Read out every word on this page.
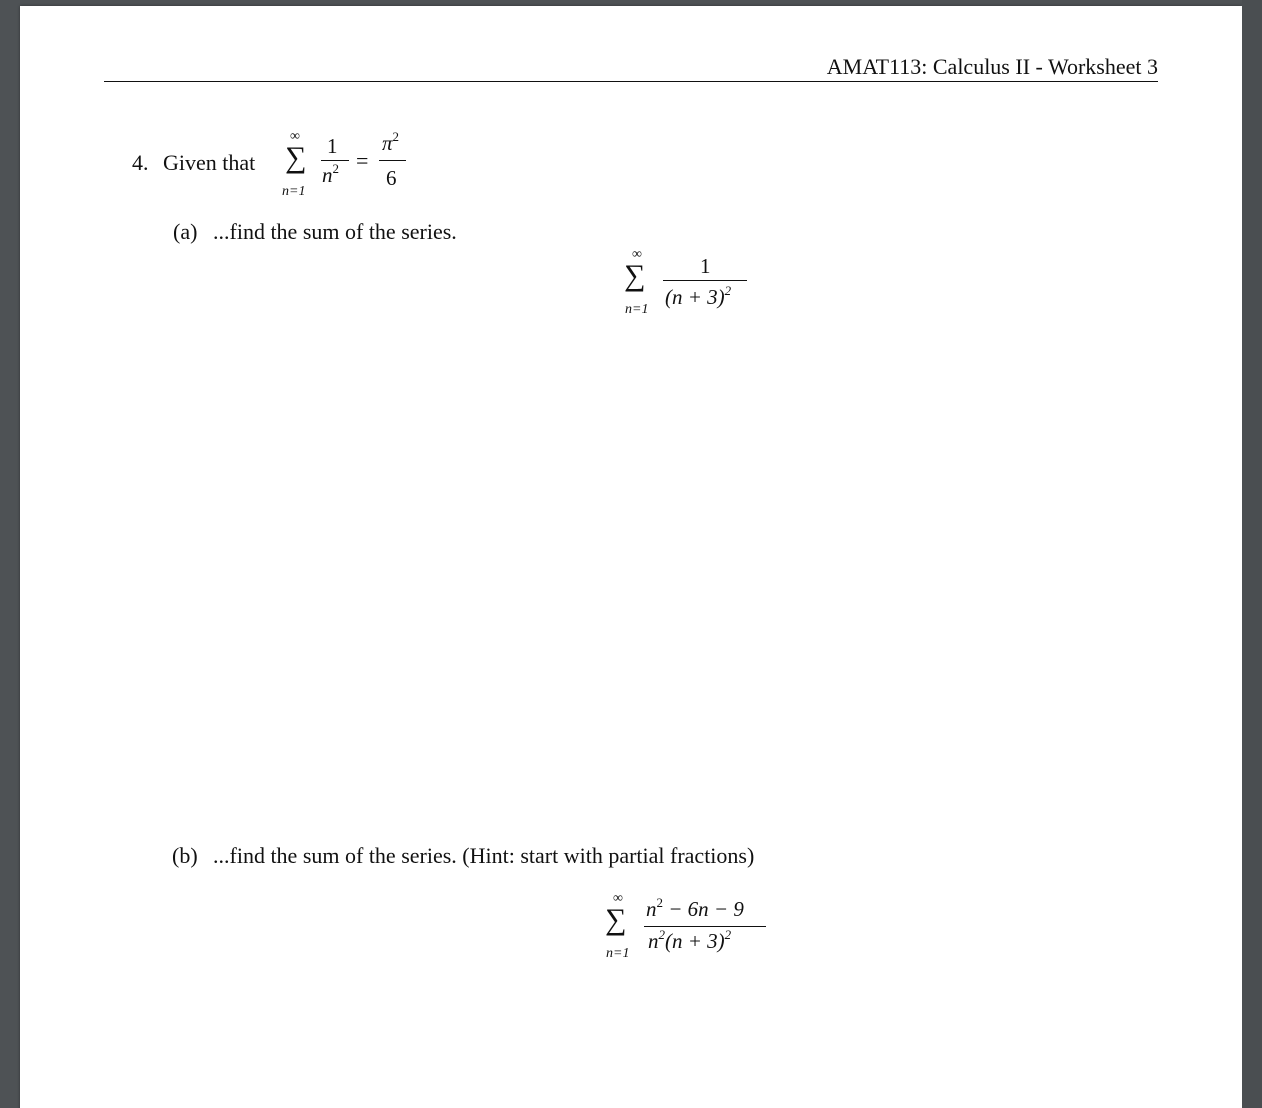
AMAT113: Calculus II - Worksheet 3
4. Given that
∞
∑
n=1
1
$n^2$ =
$\pi^2$
6
(a) ...find the sum of the series.
∞
∑
n=1
1
$(n + 3)^2$
(b) ...find the sum of the series. (Hint: start with partial fractions)
∞
∑
n=1
$n^2 - 6n - 9$
$n^2(n + 3)^2$
